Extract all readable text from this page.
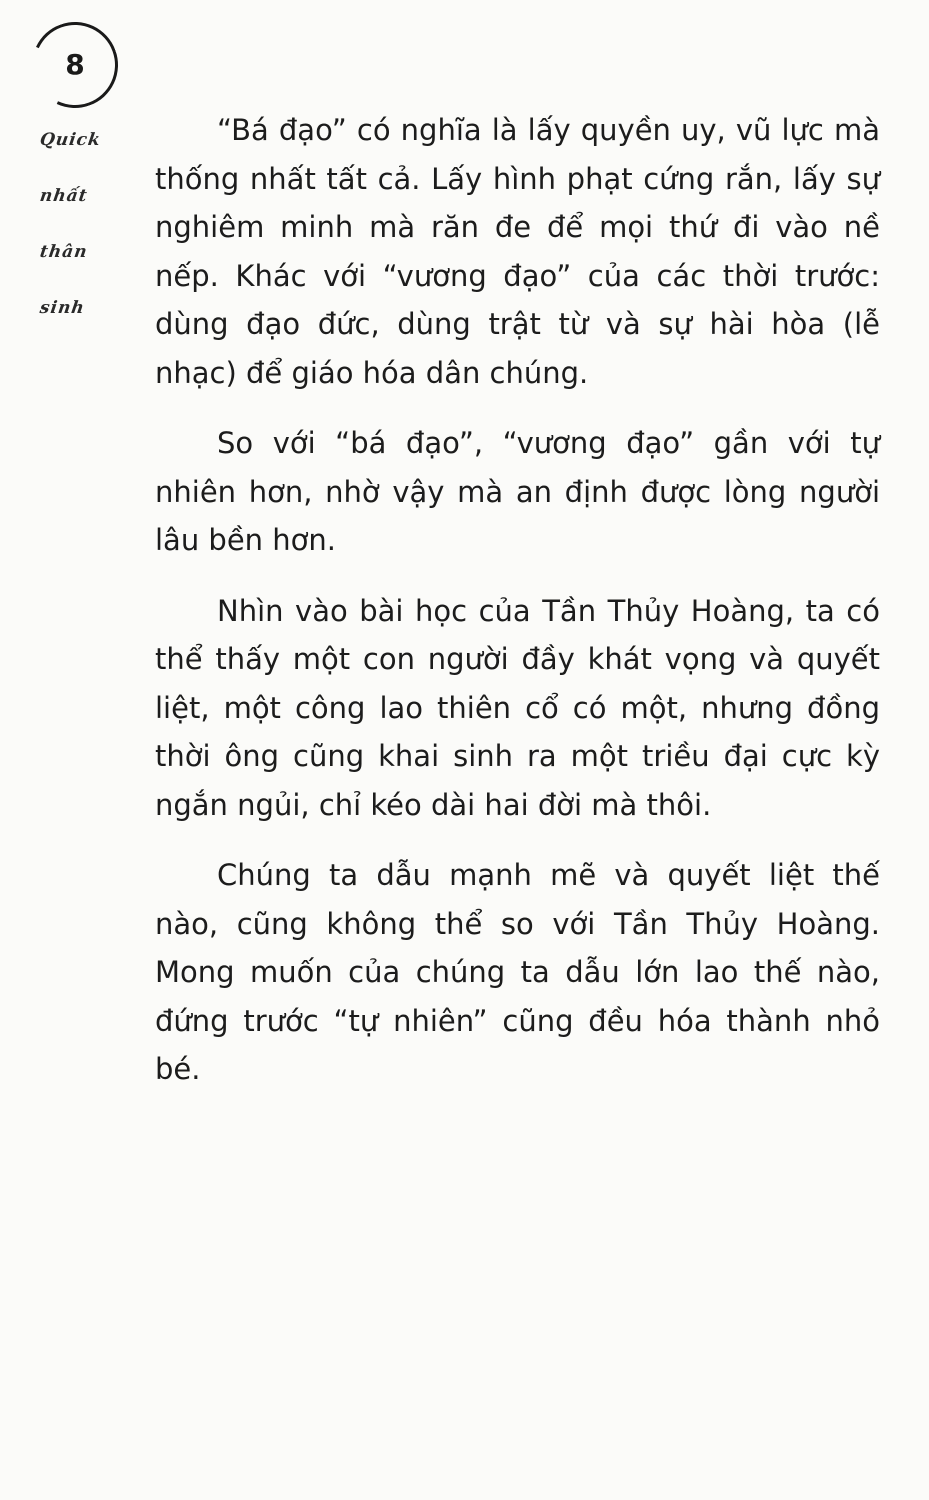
8
Quick
nhất
thân
sinh

“Bá đạo” có nghĩa là lấy quyền uy, vũ lực mà thống nhất tất cả. Lấy hình phạt cứng rắn, lấy sự nghiêm minh mà răn đe để mọi thứ đi vào nề nếp. Khác với “vương đạo” của các thời trước: dùng đạo đức, dùng trật từ và sự hài hòa (lễ nhạc) để giáo hóa dân chúng.

So với “bá đạo”, “vương đạo” gần với tự nhiên hơn, nhờ vậy mà an định được lòng người lâu bền hơn.

Nhìn vào bài học của Tần Thủy Hoàng, ta có thể thấy một con người đầy khát vọng và quyết liệt, một công lao thiên cổ có một, nhưng đồng thời ông cũng khai sinh ra một triều đại cực kỳ ngắn ngủi, chỉ kéo dài hai đời mà thôi.

Chúng ta dẫu mạnh mẽ và quyết liệt thế nào, cũng không thể so với Tần Thủy Hoàng. Mong muốn của chúng ta dẫu lớn lao thế nào, đứng trước “tự nhiên” cũng đều hóa thành nhỏ bé.
